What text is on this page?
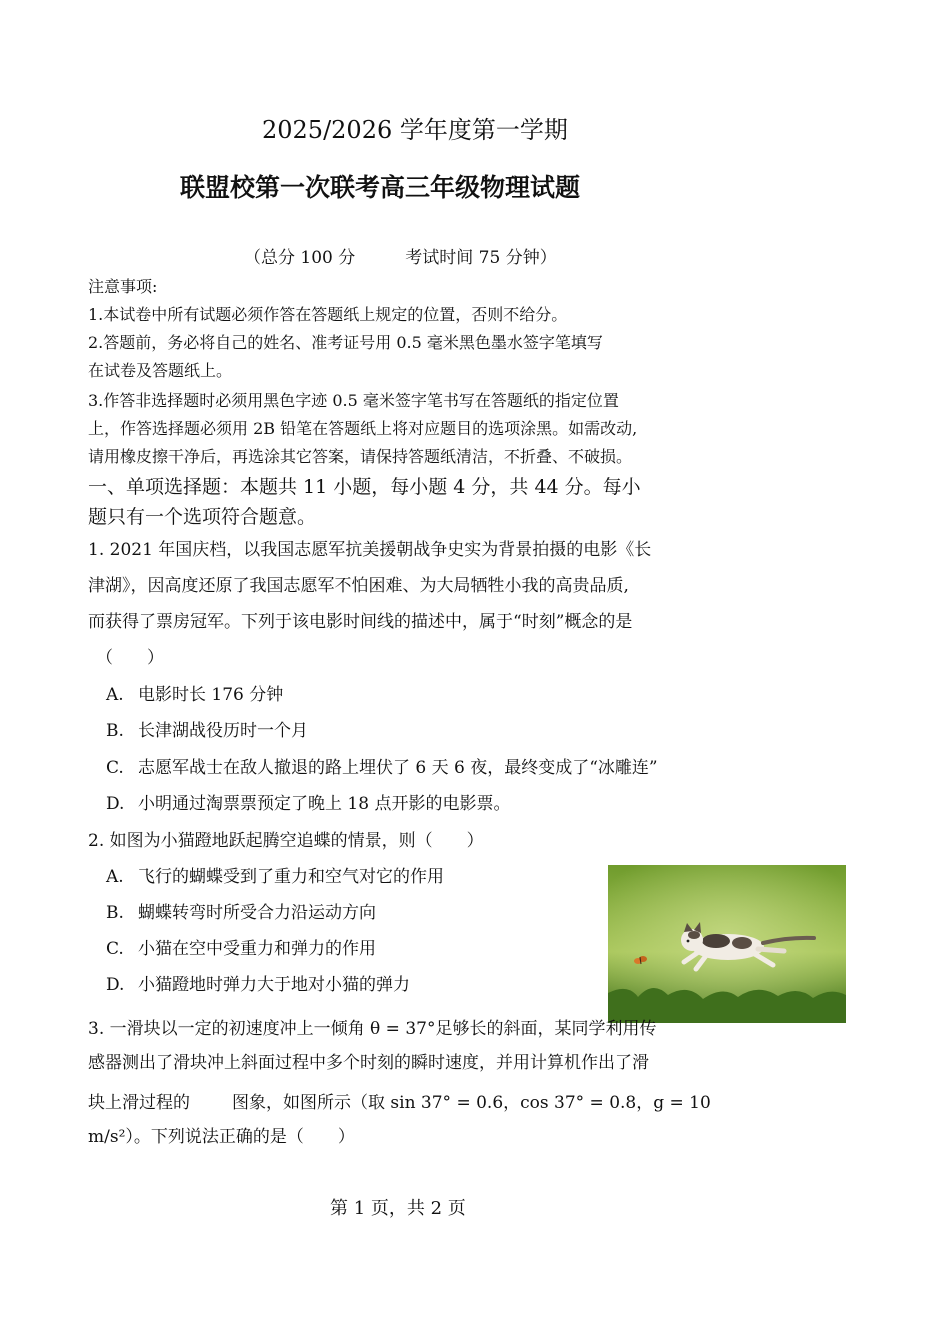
2025/2026 学年度第一学期
联盟校第一次联考高三年级物理试题
（总分 100 分	考试时间 75 分钟）
注意事项:
1.本试卷中所有试题必须作答在答题纸上规定的位置，否则不给分。
2.答题前，务必将自己的姓名、准考证号用 0.5 毫米黑色墨水签字笔填写
在试卷及答题纸上。
3.作答非选择题时必须用黑色字迹 0.5 毫米签字笔书写在答题纸的指定位置
上，作答选择题必须用 2B 铅笔在答题纸上将对应题目的选项涂黑。如需改动,
请用橡皮擦干净后，再选涂其它答案，请保持答题纸清洁，不折叠、不破损。
一、单项选择题：本题共 11 小题，每小题 4 分，共 44 分。每小
题只有一个选项符合题意。
1. 2021 年国庆档，以我国志愿军抗美援朝战争史实为背景拍摄的电影《长
津湖》，因高度还原了我国志愿军不怕困难、为大局牺牲小我的高贵品质,
而获得了票房冠军。下列于该电影时间线的描述中，属于“时刻”概念的是
（　　）
A. 电影时长 176 分钟
B. 长津湖战役历时一个月
C. 志愿军战士在敌人撤退的路上埋伏了 6 天 6 夜，最终变成了“冰雕连”
D. 小明通过淘票票预定了晚上 18 点开影的电影票。
2. 如图为小猫蹬地跃起腾空追蝶的情景，则（　　）
A. 飞行的蝴蝶受到了重力和空气对它的作用
B. 蝴蝶转弯时所受合力沿运动方向
C. 小猫在空中受重力和弹力的作用
D. 小猫蹬地时弹力大于地对小猫的弹力
3. 一滑块以一定的初速度冲上一倾角 θ = 37°足够长的斜面，某同学利用传
感器测出了滑块冲上斜面过程中多个时刻的瞬时速度，并用计算机作出了滑
块上滑过程的 图象，如图所示（取 sin 37° = 0.6，cos 37° = 0.8，g = 10
m/s²）。下列说法正确的是（　　）
第 1 页，共 2 页
